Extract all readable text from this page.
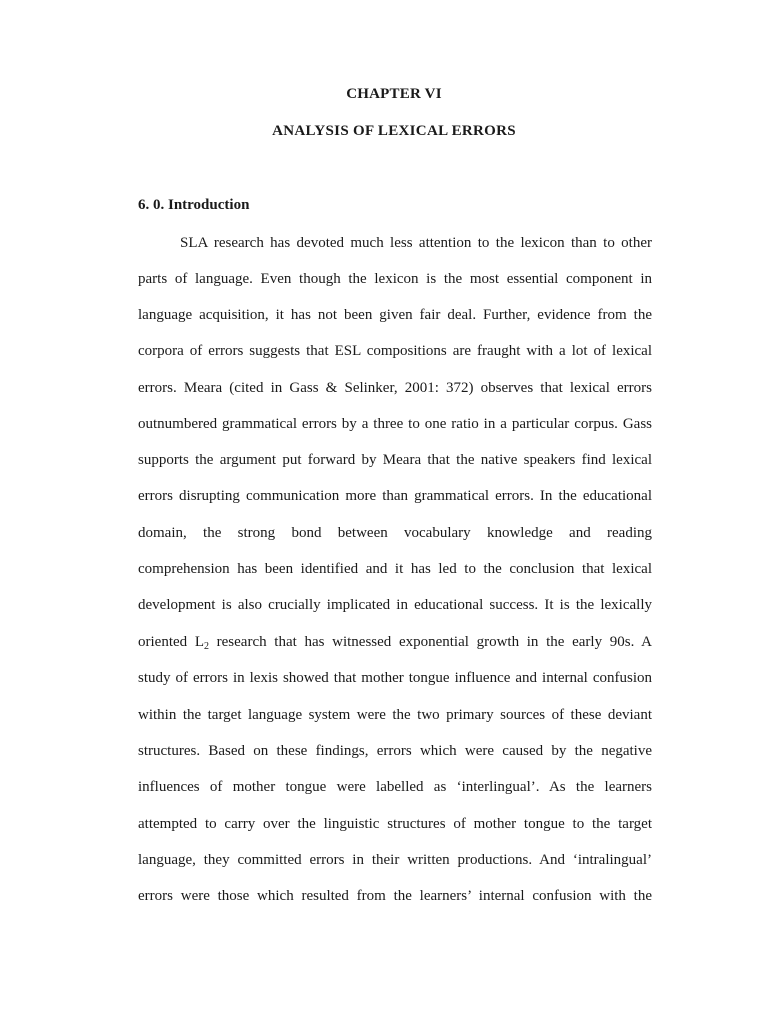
CHAPTER VI
ANALYSIS OF LEXICAL ERRORS
6. 0. Introduction
SLA research has devoted much less attention to the lexicon than to other
parts of language. Even though the lexicon is the most essential component in
language acquisition, it has not been given fair deal. Further, evidence from the
corpora of errors suggests that ESL compositions are fraught with a lot of lexical
errors. Meara (cited in Gass & Selinker, 2001: 372) observes that lexical errors
outnumbered grammatical errors by a three to one ratio in a particular corpus. Gass
supports the argument put forward by Meara that the native speakers find lexical
errors disrupting communication more than grammatical errors. In the educational
domain, the strong bond between vocabulary knowledge and reading
comprehension has been identified and it has led to the conclusion that lexical
development is also crucially implicated in educational success. It is the lexically
oriented $L_2$ research that has witnessed exponential growth in the early 90s. A
study of errors in lexis showed that mother tongue influence and internal confusion
within the target language system were the two primary sources of these deviant
structures. Based on these findings, errors which were caused by the negative
influences of mother tongue were labelled as ‘interlingual’. As the learners
attempted to carry over the linguistic structures of mother tongue to the target
language, they committed errors in their written productions. And ‘intralingual’
errors were those which resulted from the learners’ internal confusion with the
